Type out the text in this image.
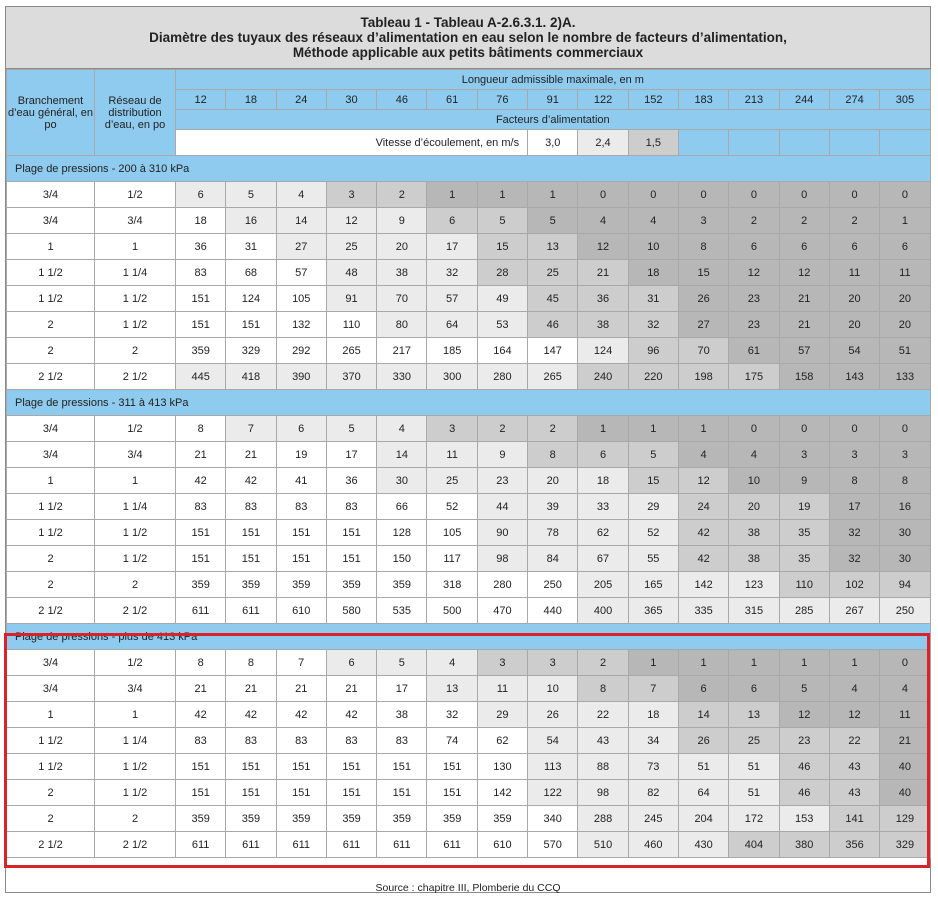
Tableau 1 - Tableau A-2.6.3.1. 2)A.
Diamètre des tuyaux des réseaux d’alimentation en eau selon le nombre de facteurs d’alimentation,
Méthode applicable aux petits bâtiments commerciaux
Branchement d’eau général, en po	Réseau de distribution d’eau, en po	Longueur admissible maximale, en m														
		12	18	24	30	46	61	76	91	122	152	183	213	244	274	305
		Facteurs d’alimentation														
		Vitesse d’écoulement, en m/s							3,0	2,4	1,5					
Plage de pressions - 200 à 310 kPa																
3/4	1/2	6	5	4	3	2	1	1	1	0	0	0	0	0	0	0
3/4	3/4	18	16	14	12	9	6	5	5	4	4	3	2	2	2	1
1	1	36	31	27	25	20	17	15	13	12	10	8	6	6	6	6
1 1/2	1 1/4	83	68	57	48	38	32	28	25	21	18	15	12	12	11	11
1 1/2	1 1/2	151	124	105	91	70	57	49	45	36	31	26	23	21	20	20
2	1 1/2	151	151	132	110	80	64	53	46	38	32	27	23	21	20	20
2	2	359	329	292	265	217	185	164	147	124	96	70	61	57	54	51
2 1/2	2 1/2	445	418	390	370	330	300	280	265	240	220	198	175	158	143	133
Plage de pressions - 311 à 413 kPa																
3/4	1/2	8	7	6	5	4	3	2	2	1	1	1	0	0	0	0
3/4	3/4	21	21	19	17	14	11	9	8	6	5	4	4	3	3	3
1	1	42	42	41	36	30	25	23	20	18	15	12	10	9	8	8
1 1/2	1 1/4	83	83	83	83	66	52	44	39	33	29	24	20	19	17	16
1 1/2	1 1/2	151	151	151	151	128	105	90	78	62	52	42	38	35	32	30
2	1 1/2	151	151	151	151	150	117	98	84	67	55	42	38	35	32	30
2	2	359	359	359	359	359	318	280	250	205	165	142	123	110	102	94
2 1/2	2 1/2	611	611	610	580	535	500	470	440	400	365	335	315	285	267	250
Plage de pressions - plus de 413 kPa																
3/4	1/2	8	8	7	6	5	4	3	3	2	1	1	1	1	1	0
3/4	3/4	21	21	21	21	17	13	11	10	8	7	6	6	5	4	4
1	1	42	42	42	42	38	32	29	26	22	18	14	13	12	12	11
1 1/2	1 1/4	83	83	83	83	83	74	62	54	43	34	26	25	23	22	21
1 1/2	1 1/2	151	151	151	151	151	151	130	113	88	73	51	51	46	43	40
2	1 1/2	151	151	151	151	151	151	142	122	98	82	64	51	46	43	40
2	2	359	359	359	359	359	359	359	340	288	245	204	172	153	141	129
2 1/2	2 1/2	611	611	611	611	611	611	610	570	510	460	430	404	380	356	329
Source : chapitre III, Plomberie du CCQ
